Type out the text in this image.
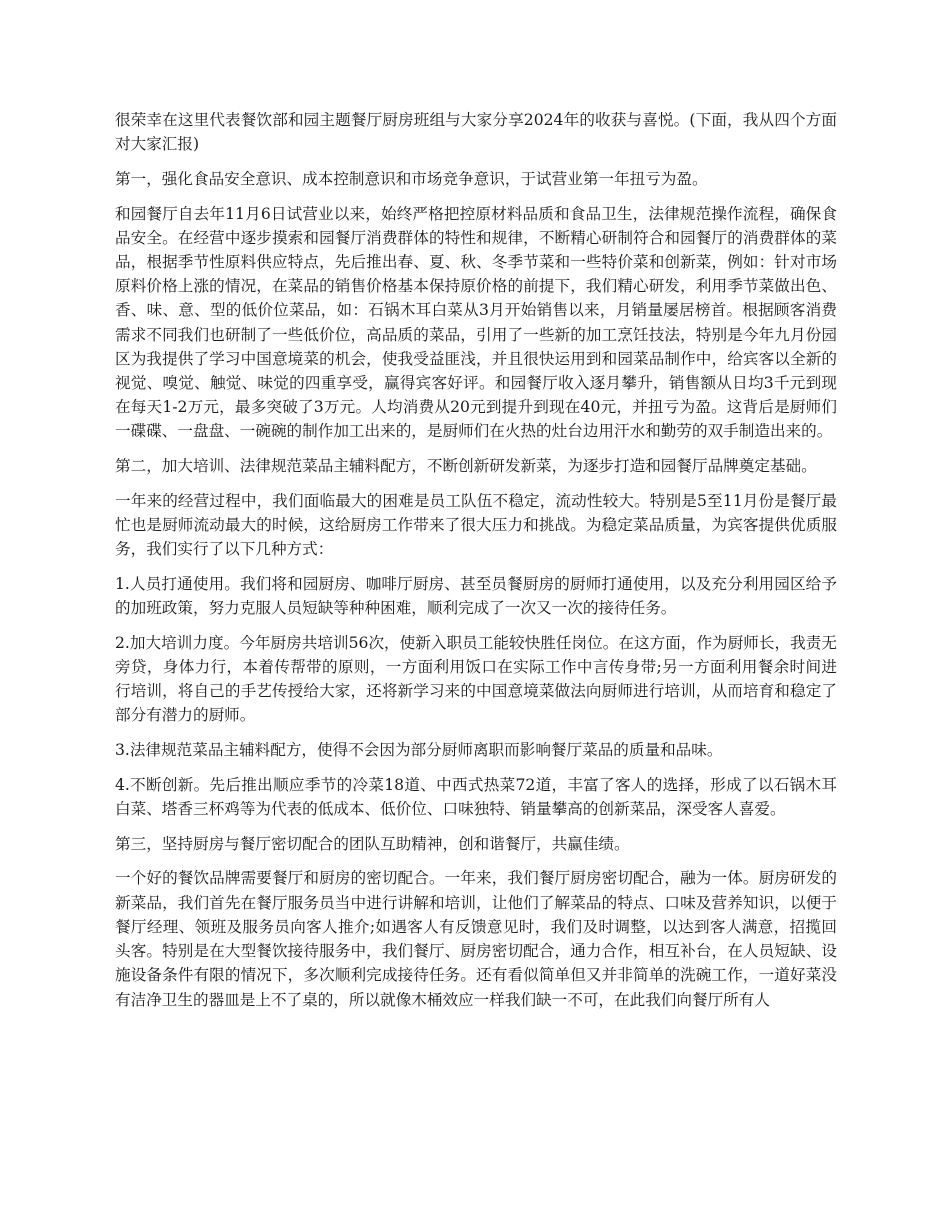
很荣幸在这里代表餐饮部和园主题餐厅厨房班组与大家分享2024年的收获与喜悦。(下面，我从四个方面对大家汇报)

第一，强化食品安全意识、成本控制意识和市场竞争意识，于试营业第一年扭亏为盈。

和园餐厅自去年11月6日试营业以来，始终严格把控原材料品质和食品卫生，法律规范操作流程，确保食品安全。在经营中逐步摸索和园餐厅消费群体的特性和规律，不断精心研制符合和园餐厅的消费群体的菜品，根据季节性原料供应特点，先后推出春、夏、秋、冬季节菜和一些特价菜和创新菜，例如：针对市场原料价格上涨的情况，在菜品的销售价格基本保持原价格的前提下，我们精心研发，利用季节菜做出色、香、味、意、型的低价位菜品，如：石锅木耳白菜从3月开始销售以来，月销量屡居榜首。根据顾客消费需求不同我们也研制了一些低价位，高品质的菜品，引用了一些新的加工烹饪技法，特别是今年九月份园区为我提供了学习中国意境菜的机会，使我受益匪浅，并且很快运用到和园菜品制作中，给宾客以全新的视觉、嗅觉、触觉、味觉的四重享受，赢得宾客好评。和园餐厅收入逐月攀升，销售额从日均3千元到现在每天1-2万元，最多突破了3万元。人均消费从20元到提升到现在40元，并扭亏为盈。这背后是厨师们一碟碟、一盘盘、一碗碗的制作加工出来的，是厨师们在火热的灶台边用汗水和勤劳的双手制造出来的。

第二，加大培训、法律规范菜品主辅料配方，不断创新研发新菜，为逐步打造和园餐厅品牌奠定基础。

一年来的经营过程中，我们面临最大的困难是员工队伍不稳定，流动性较大。特别是5至11月份是餐厅最忙也是厨师流动最大的时候，这给厨房工作带来了很大压力和挑战。为稳定菜品质量，为宾客提供优质服务，我们实行了以下几种方式：

1.人员打通使用。我们将和园厨房、咖啡厅厨房、甚至员餐厨房的厨师打通使用，以及充分利用园区给予的加班政策，努力克服人员短缺等种种困难，顺利完成了一次又一次的接待任务。

2.加大培训力度。今年厨房共培训56次，使新入职员工能较快胜任岗位。在这方面，作为厨师长，我责无旁贷，身体力行，本着传帮带的原则，一方面利用饭口在实际工作中言传身带;另一方面利用餐余时间进行培训，将自己的手艺传授给大家，还将新学习来的中国意境菜做法向厨师进行培训，从而培育和稳定了部分有潜力的厨师。

3.法律规范菜品主辅料配方，使得不会因为部分厨师离职而影响餐厅菜品的质量和品味。

4.不断创新。先后推出顺应季节的冷菜18道、中西式热菜72道，丰富了客人的选择，形成了以石锅木耳白菜、塔香三杯鸡等为代表的低成本、低价位、口味独特、销量攀高的创新菜品，深受客人喜爱。

第三，坚持厨房与餐厅密切配合的团队互助精神，创和谐餐厅，共赢佳绩。

一个好的餐饮品牌需要餐厅和厨房的密切配合。一年来，我们餐厅厨房密切配合，融为一体。厨房研发的新菜品，我们首先在餐厅服务员当中进行讲解和培训，让他们了解菜品的特点、口味及营养知识，以便于餐厅经理、领班及服务员向客人推介;如遇客人有反馈意见时，我们及时调整，以达到客人满意，招揽回头客。特别是在大型餐饮接待服务中，我们餐厅、厨房密切配合，通力合作，相互补台，在人员短缺、设施设备条件有限的情况下，多次顺利完成接待任务。还有看似简单但又并非简单的洗碗工作，一道好菜没有洁净卫生的器皿是上不了桌的，所以就像木桶效应一样我们缺一不可，在此我们向餐厅所有人
